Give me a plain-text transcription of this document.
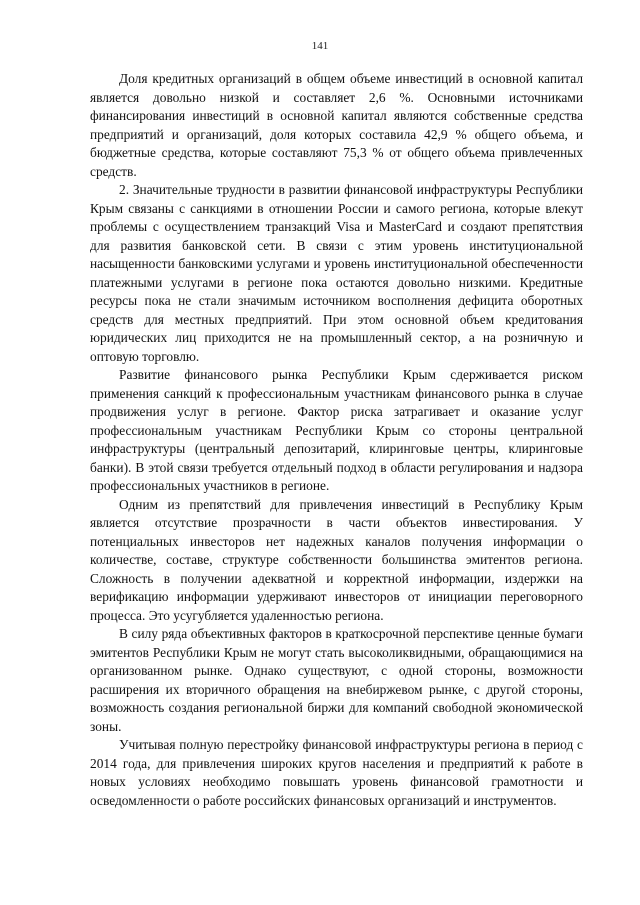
141

Доля кредитных организаций в общем объеме инвестиций в основной капитал является довольно низкой и составляет 2,6 %. Основными источниками финансирования инвестиций в основной капитал являются собственные средства предприятий и организаций, доля которых составила 42,9 % общего объема, и бюджетные средства, которые составляют 75,3 % от общего объема привлеченных средств.

2. Значительные трудности в развитии финансовой инфраструктуры Республики Крым связаны с санкциями в отношении России и самого региона, которые влекут проблемы с осуществлением транзакций Visa и MasterCard и создают препятствия для развития банковской сети. В связи с этим уровень институциональной насыщенности банковскими услугами и уровень институциональной обеспеченности платежными услугами в регионе пока остаются довольно низкими. Кредитные ресурсы пока не стали значимым источником восполнения дефицита оборотных средств для местных предприятий. При этом основной объем кредитования юридических лиц приходится не на промышленный сектор, а на розничную и оптовую торговлю.

Развитие финансового рынка Республики Крым сдерживается риском применения санкций к профессиональным участникам финансового рынка в случае продвижения услуг в регионе. Фактор риска затрагивает и оказание услуг профессиональным участникам Республики Крым со стороны центральной инфраструктуры (центральный депозитарий, клиринговые центры, клиринговые банки). В этой связи требуется отдельный подход в области регулирования и надзора профессиональных участников в регионе.

Одним из препятствий для привлечения инвестиций в Республику Крым является отсутствие прозрачности в части объектов инвестирования. У потенциальных инвесторов нет надежных каналов получения информации о количестве, составе, структуре собственности большинства эмитентов региона. Сложность в получении адекватной и корректной информации, издержки на верификацию информации удерживают инвесторов от инициации переговорного процесса. Это усугубляется удаленностью региона.

В силу ряда объективных факторов в краткосрочной перспективе ценные бумаги эмитентов Республики Крым не могут стать высоколиквидными, обращающимися на организованном рынке. Однако существуют, с одной стороны, возможности расширения их вторичного обращения на внебиржевом рынке, с другой стороны, возможность создания региональной биржи для компаний свободной экономической зоны.

Учитывая полную перестройку финансовой инфраструктуры региона в период с 2014 года, для привлечения широких кругов населения и предприятий к работе в новых условиях необходимо повышать уровень финансовой грамотности и осведомленности о работе российских финансовых организаций и инструментов.
